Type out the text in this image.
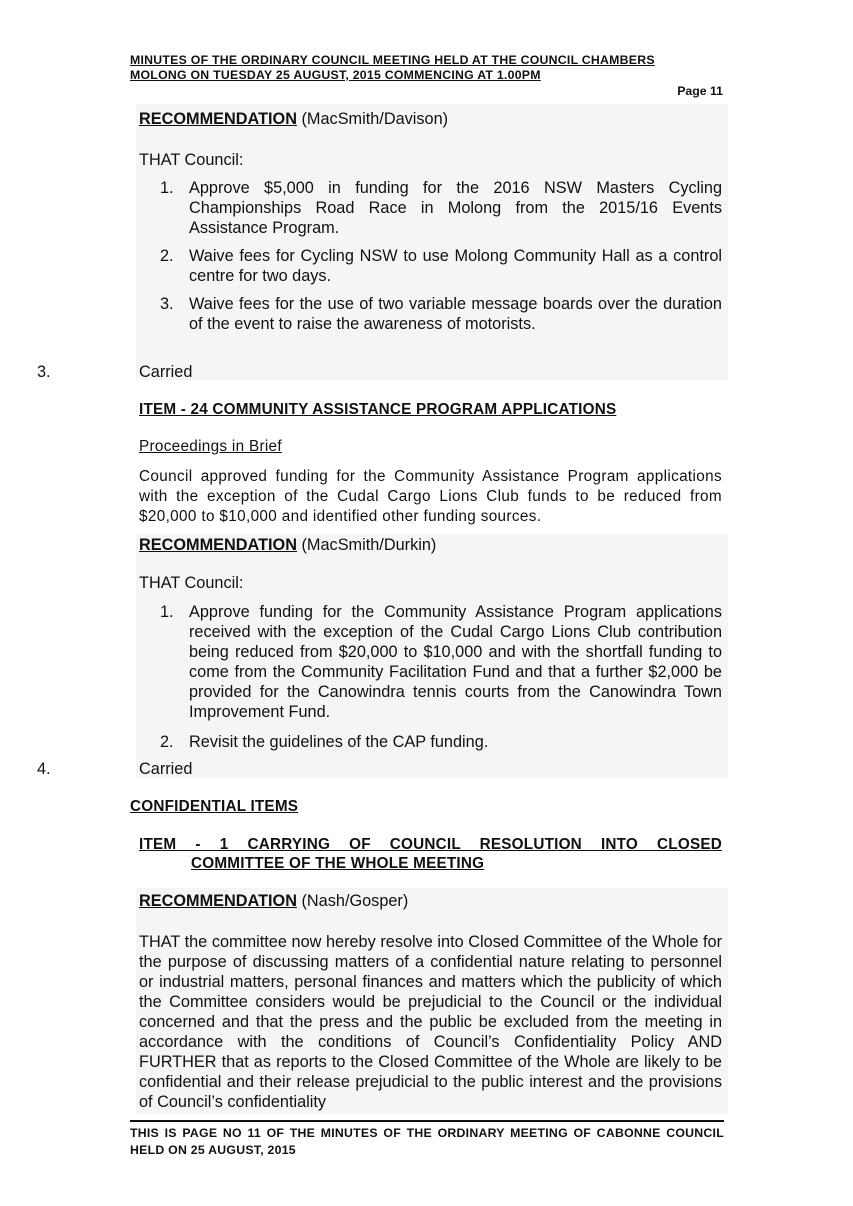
MINUTES OF THE ORDINARY COUNCIL MEETING HELD AT THE COUNCIL CHAMBERS
MOLONG ON TUESDAY 25 AUGUST, 2015 COMMENCING AT 1.00PM
Page 11
RECOMMENDATION (MacSmith/Davison)
THAT Council:
1. Approve $5,000 in funding for the 2016 NSW Masters Cycling Championships Road Race in Molong from the 2015/16 Events Assistance Program.
2. Waive fees for Cycling NSW to use Molong Community Hall as a control centre for two days.
3. Waive fees for the use of two variable message boards over the duration of the event to raise the awareness of motorists.
3.	Carried
ITEM - 24 COMMUNITY ASSISTANCE PROGRAM APPLICATIONS
Proceedings in Brief
Council approved funding for the Community Assistance Program applications with the exception of the Cudal Cargo Lions Club funds to be reduced from $20,000 to $10,000 and identified other funding sources.
RECOMMENDATION (MacSmith/Durkin)
THAT Council:
1. Approve funding for the Community Assistance Program applications received with the exception of the Cudal Cargo Lions Club contribution being reduced from $20,000 to $10,000 and with the shortfall funding to come from the Community Facilitation Fund and that a further $2,000 be provided for the Canowindra tennis courts from the Canowindra Town Improvement Fund.
2. Revisit the guidelines of the CAP funding.
4.	Carried
CONFIDENTIAL ITEMS
ITEM - 1 CARRYING OF COUNCIL RESOLUTION INTO CLOSED
COMMITTEE OF THE WHOLE MEETING
RECOMMENDATION (Nash/Gosper)
THAT the committee now hereby resolve into Closed Committee of the Whole for the purpose of discussing matters of a confidential nature relating to personnel or industrial matters, personal finances and matters which the publicity of which the Committee considers would be prejudicial to the Council or the individual concerned and that the press and the public be excluded from the meeting in accordance with the conditions of Council’s Confidentiality Policy AND FURTHER that as reports to the Closed Committee of the Whole are likely to be confidential and their release prejudicial to the public interest and the provisions of Council’s confidentiality
THIS IS PAGE NO 11 OF THE MINUTES OF THE ORDINARY MEETING OF CABONNE COUNCIL HELD ON 25 AUGUST, 2015
